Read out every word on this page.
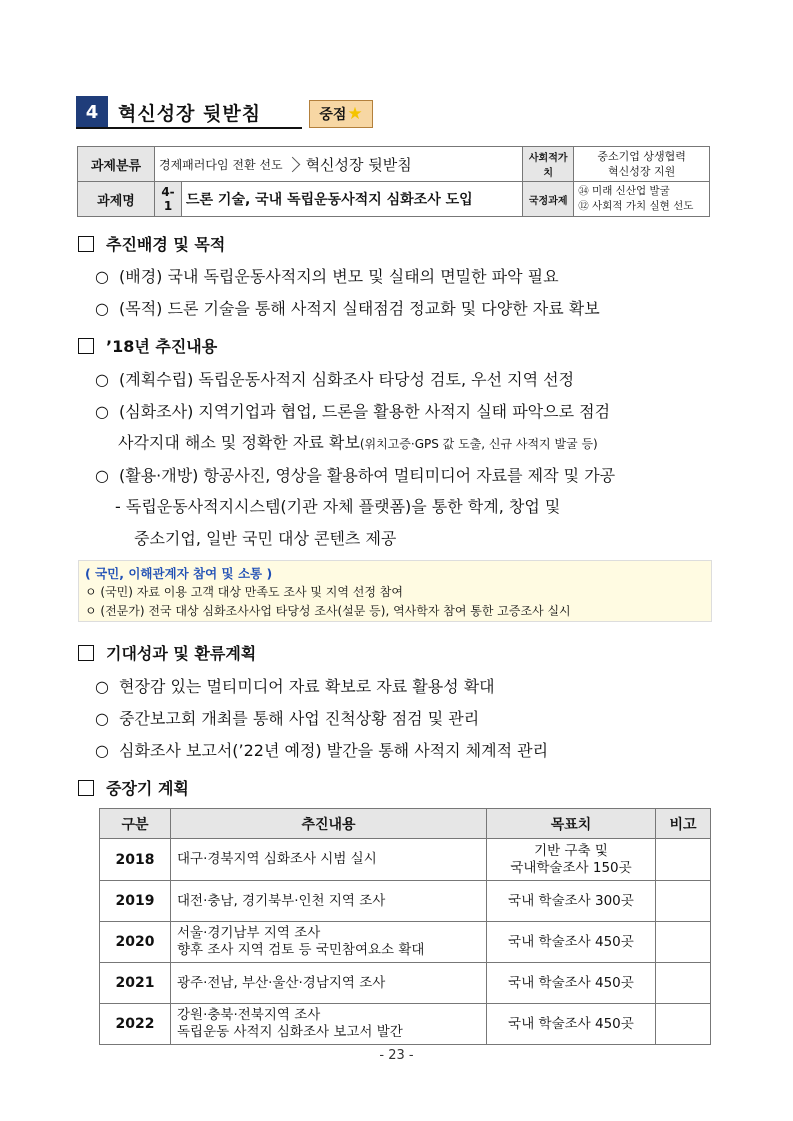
4	혁신성장 뒷받침	중점 ★
과제분류	경제패러다임 전환 선도 혁신성장 뒷받침		사회적가치	중소기업 상생협력
혁신성장 지원

과제명	4-1	드론 기술, 국내 독립운동사적지 심화조사 도입	국정과제	㉞ 미래 신산업 발굴
⑫ 사회적 가치 실현 선도
추진배경 및 목적
○ (배경) 국내 독립운동사적지의 변모 및 실태의 면밀한 파악 필요
○ (목적) 드론 기술을 통해 사적지 실태점검 정교화 및 다양한 자료 확보
’18년 추진내용
○ (계획수립) 독립운동사적지 심화조사 타당성 검토, 우선 지역 선정
○ (심화조사) 지역기업과 협업, 드론을 활용한 사적지 실태 파악으로 점검
사각지대 해소 및 정확한 자료 확보(위치고증·GPS 값 도출, 신규 사적지 발굴 등)
○ (활용·개방) 항공사진, 영상을 활용하여 멀티미디어 자료를 제작 및 가공
- 독립운동사적지시스템(기관 자체 플랫폼)을 통한 학계, 창업 및
중소기업, 일반 국민 대상 콘텐츠 제공
( 국민, 이해관계자 참여 및 소통 )
ㅇ (국민) 자료 이용 고객 대상 만족도 조사 및 지역 선정 참여
ㅇ (전문가) 전국 대상 심화조사사업 타당성 조사(설문 등), 역사학자 참여 통한 고증조사 실시
기대성과 및 환류계획
○ 현장감 있는 멀티미디어 자료 확보로 자료 활용성 확대
○ 중간보고회 개최를 통해 사업 진척상황 점검 및 관리
○ 심화조사 보고서(’22년 예정) 발간을 통해 사적지 체계적 관리
중장기 계획
구분	추진내용	목표치	비고
2018	대구·경북지역 심화조사 시범 실시	기반 구축 및
국내학술조사 150곳	
2019	대전·충남, 경기북부·인천 지역 조사	국내 학술조사 300곳	
2020	서울·경기남부 지역 조사
향후 조사 지역 검토 등 국민참여요소 확대	국내 학술조사 450곳	
2021	광주·전남, 부산·울산·경남지역 조사	국내 학술조사 450곳	
2022	강원·충북·전북지역 조사
독립운동 사적지 심화조사 보고서 발간	국내 학술조사 450곳	
- 23 -
